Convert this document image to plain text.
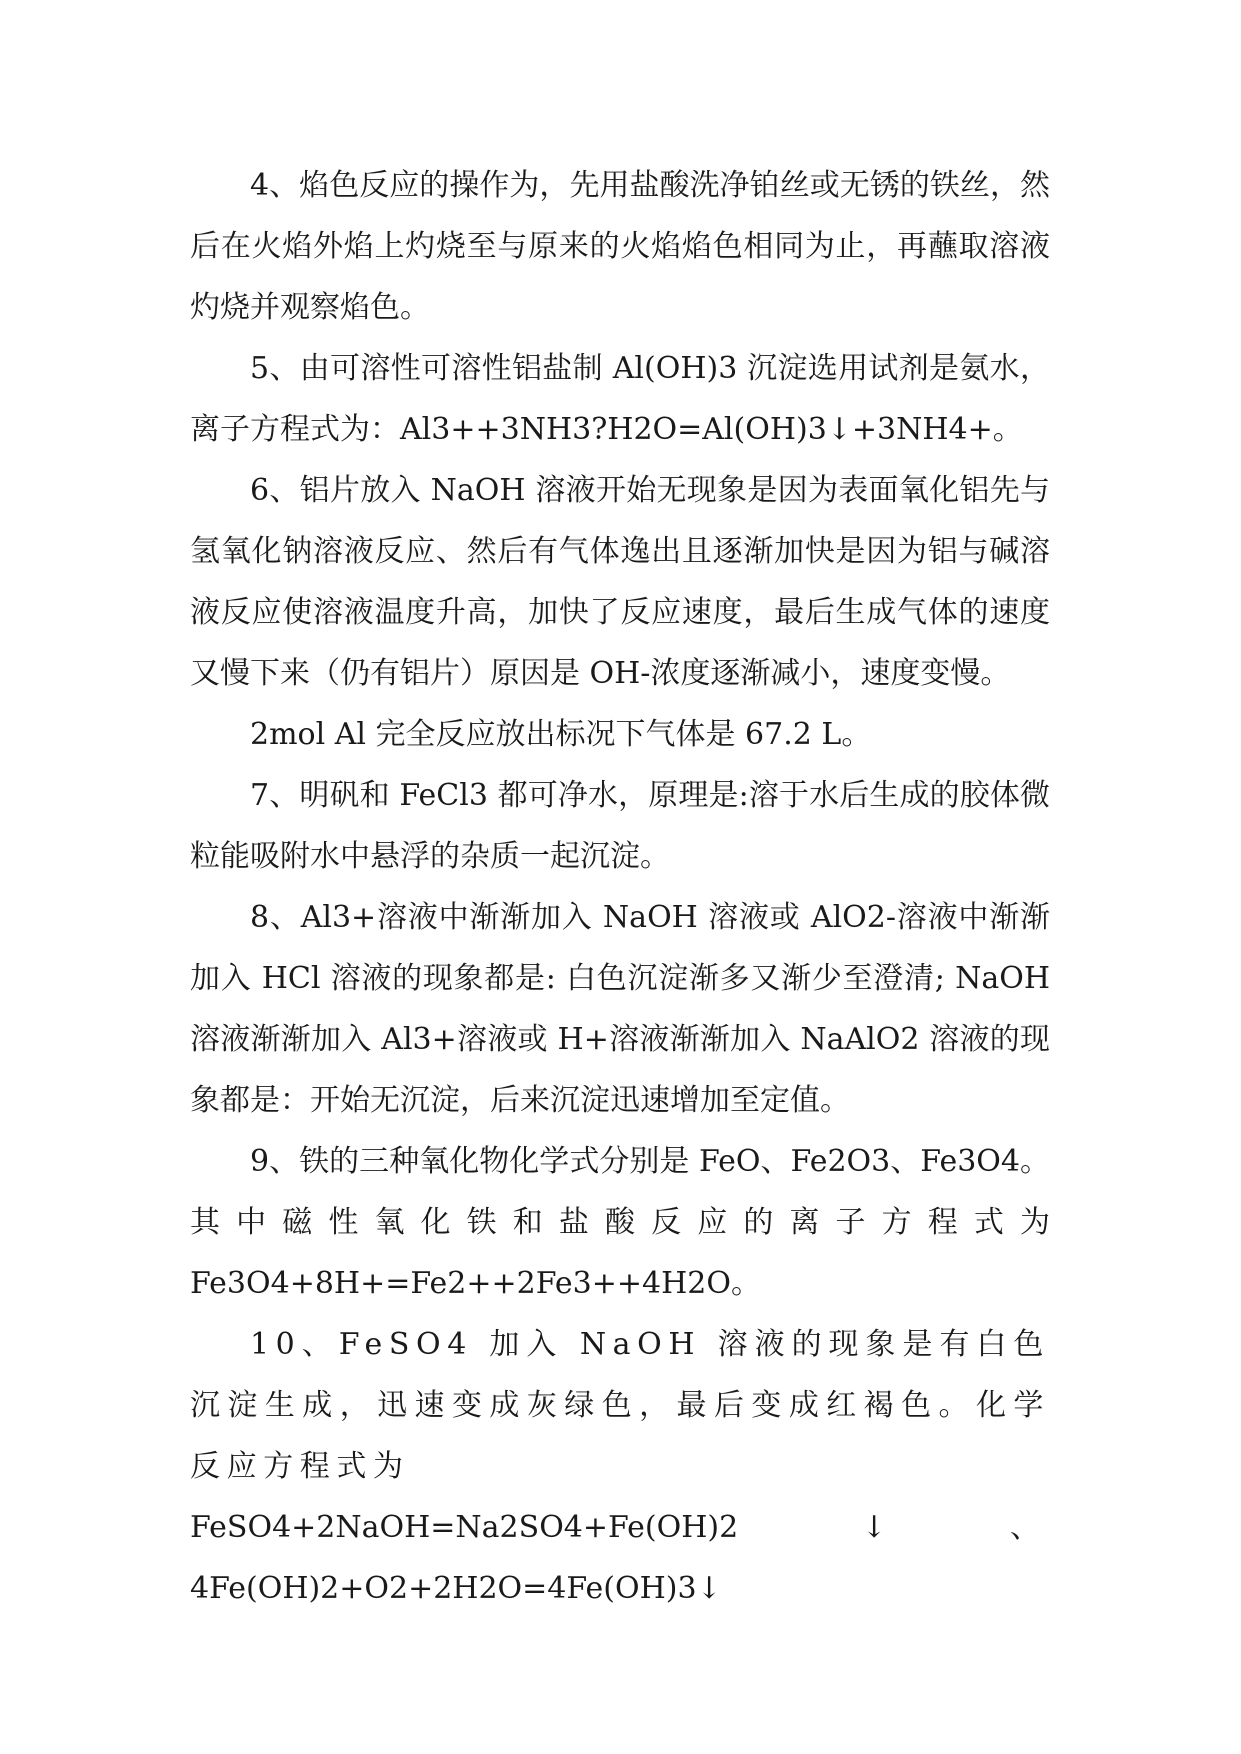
4、焰色反应的操作为，先用盐酸洗净铂丝或无锈的铁丝，然后在火焰外焰上灼烧至与原来的火焰焰色相同为止，再蘸取溶液灼烧并观察焰色。

5、由可溶性可溶性铝盐制 Al(OH)3 沉淀选用试剂是氨水，离子方程式为：Al3++3NH3?H2O=Al(OH)3↓+3NH4+。

6、铝片放入 NaOH 溶液开始无现象是因为表面氧化铝先与氢氧化钠溶液反应、然后有气体逸出且逐渐加快是因为铝与碱溶液反应使溶液温度升高，加快了反应速度，最后生成气体的速度又慢下来（仍有铝片）原因是 OH-浓度逐渐减小，速度变慢。

2mol Al 完全反应放出标况下气体是 67.2 L。

7、明矾和 FeCl3 都可净水，原理是:溶于水后生成的胶体微粒能吸附水中悬浮的杂质一起沉淀。

8、Al3+溶液中渐渐加入 NaOH 溶液或 AlO2-溶液中渐渐加入 HCl 溶液的现象都是: 白色沉淀渐多又渐少至澄清; NaOH 溶液渐渐加入 Al3+溶液或 H+溶液渐渐加入 NaAlO2 溶液的现象都是：开始无沉淀，后来沉淀迅速增加至定值。

9、铁的三种氧化物化学式分别是 FeO、Fe2O3、Fe3O4。其中磁性氧化铁和盐酸反应的离子方程式为 Fe3O4+8H+=Fe2++2Fe3++4H2O。

10、FeSO4 加入 NaOH 溶液的现象是有白色沉淀生成，迅速变成灰绿色，最后变成红褐色。化学反应方程式为

FeSO4+2NaOH=Na2SO4+Fe(OH)2	↓	、
4Fe(OH)2+O2+2H2O=4Fe(OH)3↓
